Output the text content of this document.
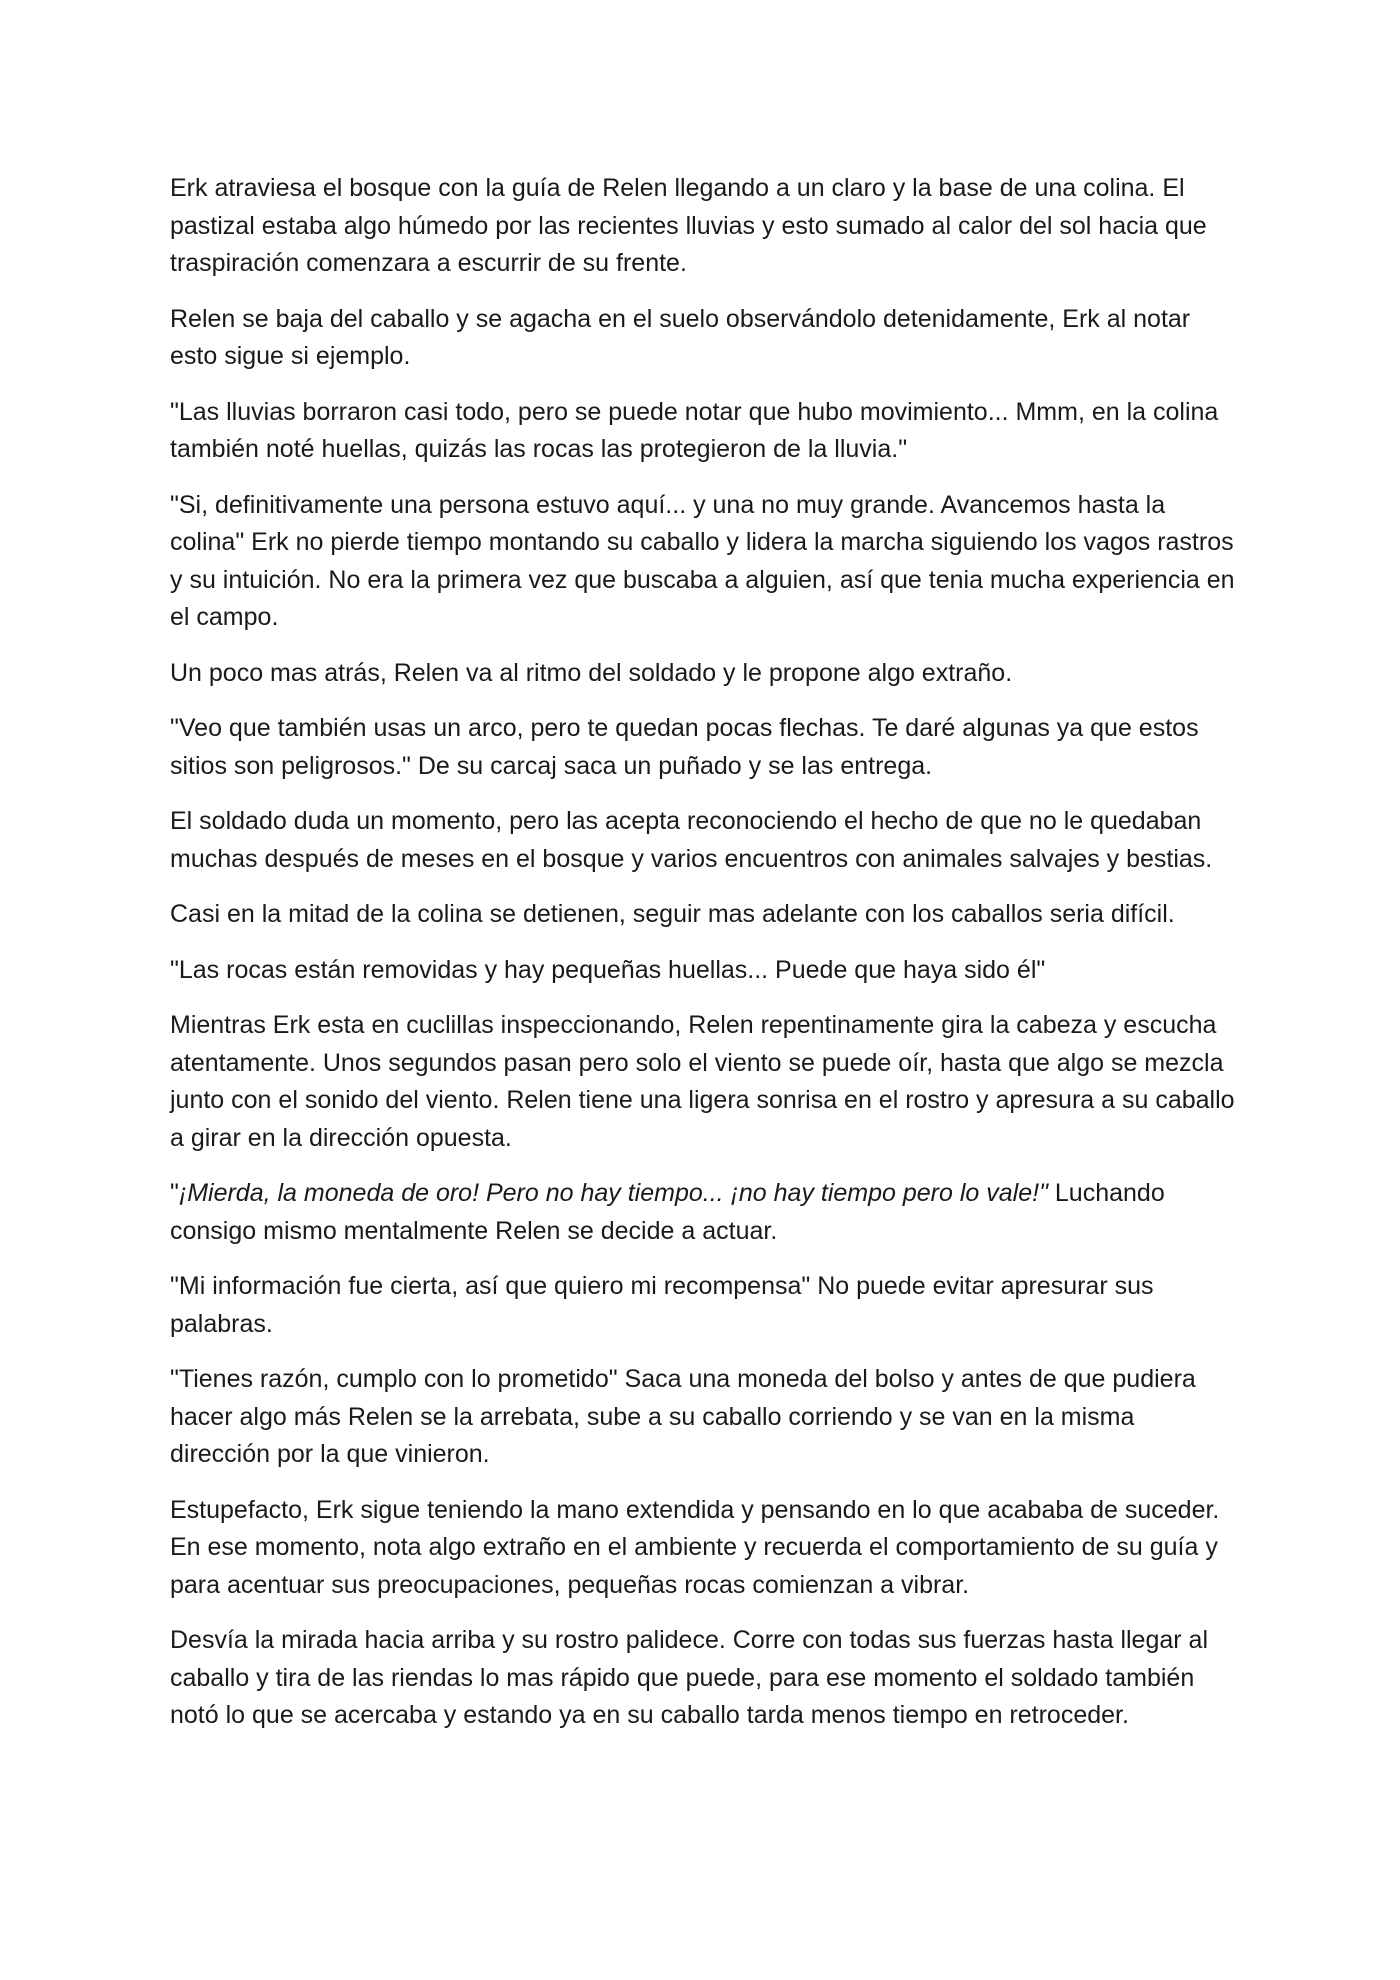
Erk atraviesa el bosque con la guía de Relen llegando a un claro y la base de una colina. El pastizal estaba algo húmedo por las recientes lluvias y esto sumado al calor del sol hacia que traspiración comenzara a escurrir de su frente.

Relen se baja del caballo y se agacha en el suelo observándolo detenidamente, Erk al notar esto sigue si ejemplo.

"Las lluvias borraron casi todo, pero se puede notar que hubo movimiento... Mmm, en la colina también noté huellas, quizás las rocas las protegieron de la lluvia."

"Si, definitivamente una persona estuvo aquí... y una no muy grande. Avancemos hasta la colina" Erk no pierde tiempo montando su caballo y lidera la marcha siguiendo los vagos rastros y su intuición. No era la primera vez que buscaba a alguien, así que tenia mucha experiencia en el campo.

Un poco mas atrás, Relen va al ritmo del soldado y le propone algo extraño.

"Veo que también usas un arco, pero te quedan pocas flechas. Te daré algunas ya que estos sitios son peligrosos." De su carcaj saca un puñado y se las entrega.

El soldado duda un momento, pero las acepta reconociendo el hecho de que no le quedaban muchas después de meses en el bosque y varios encuentros con animales salvajes y bestias.

Casi en la mitad de la colina se detienen, seguir mas adelante con los caballos seria difícil.

"Las rocas están removidas y hay pequeñas huellas... Puede que haya sido él"

Mientras Erk esta en cuclillas inspeccionando, Relen repentinamente gira la cabeza y escucha atentamente. Unos segundos pasan pero solo el viento se puede oír, hasta que algo se mezcla junto con el sonido del viento. Relen tiene una ligera sonrisa en el rostro y apresura a su caballo a girar en la dirección opuesta.

"¡Mierda, la moneda de oro! Pero no hay tiempo... ¡no hay tiempo pero lo vale!" Luchando consigo mismo mentalmente Relen se decide a actuar.

"Mi información fue cierta, así que quiero mi recompensa" No puede evitar apresurar sus palabras.

"Tienes razón, cumplo con lo prometido" Saca una moneda del bolso y antes de que pudiera hacer algo más Relen se la arrebata, sube a su caballo corriendo y se van en la misma dirección por la que vinieron.

Estupefacto, Erk sigue teniendo la mano extendida y pensando en lo que acababa de suceder. En ese momento, nota algo extraño en el ambiente y recuerda el comportamiento de su guía y para acentuar sus preocupaciones, pequeñas rocas comienzan a vibrar.

Desvía la mirada hacia arriba y su rostro palidece. Corre con todas sus fuerzas hasta llegar al caballo y tira de las riendas lo mas rápido que puede, para ese momento el soldado también notó lo que se acercaba y estando ya en su caballo tarda menos tiempo en retroceder.
